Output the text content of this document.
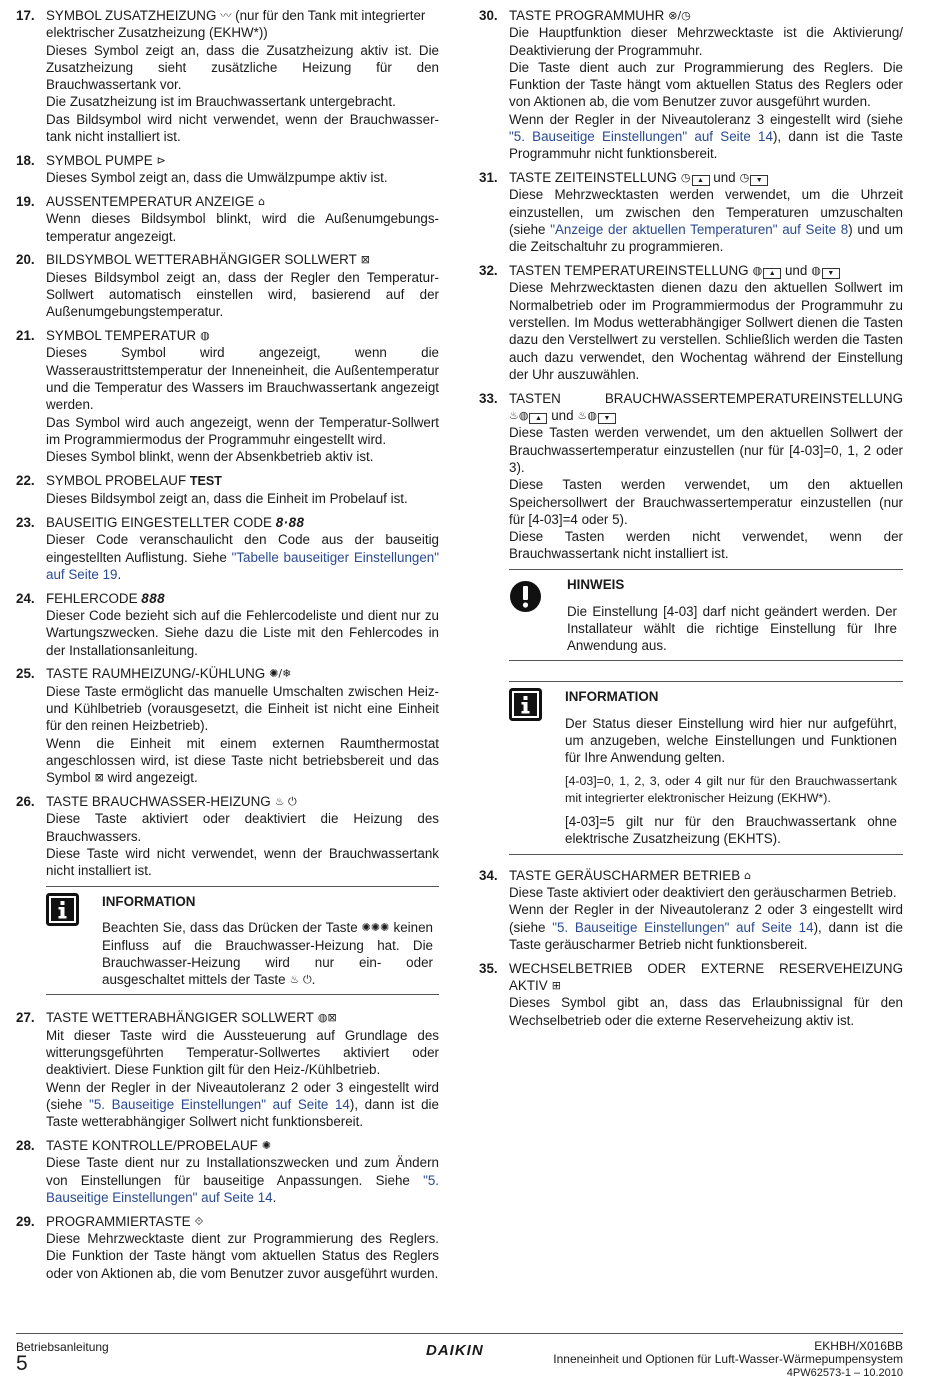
17. SYMBOL ZUSATZHEIZUNG 〰 (nur für den Tank mit integrierter elektrischer Zusatzheizung (EKHW*))
Dieses Symbol zeigt an, dass die Zusatzheizung aktiv ist. Die Zusatzheizung sieht zusätzliche Heizung für den Brauchwassertank vor.
Die Zusatzheizung ist im Brauchwassertank untergebracht.
Das Bildsymbol wird nicht verwendet, wenn der Brauchwasser-tank nicht installiert ist.
18. SYMBOL PUMPE ⊳
Dieses Symbol zeigt an, dass die Umwälzpumpe aktiv ist.
19. AUSSENTEMPERATUR ANZEIGE ⌂
Wenn dieses Bildsymbol blinkt, wird die Außenumgebungs-temperatur angezeigt.
20. BILDSYMBOL WETTERABHÄNGIGER SOLLWERT ⊠
Dieses Bildsymbol zeigt an, dass der Regler den Temperatur-Sollwert automatisch einstellen wird, basierend auf der Außenumgebungstemperatur.
21. SYMBOL TEMPERATUR ◍
Dieses Symbol wird angezeigt, wenn die Wasseraustrittstemperatur der Inneneinheit, die Außentemperatur und die Temperatur des Wassers im Brauchwassertank angezeigt werden.
Das Symbol wird auch angezeigt, wenn der Temperatur-Sollwert im Programmiermodus der Programmuhr eingestellt wird.
Dieses Symbol blinkt, wenn der Absenkbetrieb aktiv ist.
22. SYMBOL PROBELAUF TEST
Dieses Bildsymbol zeigt an, dass die Einheit im Probelauf ist.
23. BAUSEITIG EINGESTELLTER CODE 8·88
Dieser Code veranschaulicht den Code aus der bauseitig eingestellten Auflistung. Siehe "Tabelle bauseitiger Einstellungen" auf Seite 19.
24. FEHLERCODE 888
Dieser Code bezieht sich auf die Fehlercodeliste und dient nur zu Wartungszwecken. Siehe dazu die Liste mit den Fehlercodes in der Installationsanleitung.
25. TASTE RAUMHEIZUNG/-KÜHLUNG ✺/❄
Diese Taste ermöglicht das manuelle Umschalten zwischen Heiz- und Kühlbetrieb (vorausgesetzt, die Einheit ist nicht eine Einheit für den reinen Heizbetrieb).
Wenn die Einheit mit einem externen Raumthermostat angeschlossen wird, ist diese Taste nicht betriebsbereit und das Symbol ⊠ wird angezeigt.
26. TASTE BRAUCHWASSER-HEIZUNG ♨ ⏻
Diese Taste aktiviert oder deaktiviert die Heizung des Brauchwassers.
Diese Taste wird nicht verwendet, wenn der Brauchwassertank nicht installiert ist.
INFORMATION
Beachten Sie, dass das Drücken der Taste ✺✺✺ keinen Einfluss auf die Brauchwasser-Heizung hat. Die Brauchwasser-Heizung wird nur ein- oder ausgeschaltet mittels der Taste ♨ ⏻.
27. TASTE WETTERABHÄNGIGER SOLLWERT ◍⊠
Mit dieser Taste wird die Aussteuerung auf Grundlage des witterungsgeführten Temperatur-Sollwertes aktiviert oder deaktiviert. Diese Funktion gilt für den Heiz-/Kühlbetrieb.
Wenn der Regler in der Niveautoleranz 2 oder 3 eingestellt wird (siehe "5. Bauseitige Einstellungen" auf Seite 14), dann ist die Taste wetterabhängiger Sollwert nicht funktionsbereit.
28. TASTE KONTROLLE/PROBELAUF ✺
Diese Taste dient nur zu Installationszwecken und zum Ändern von Einstellungen für bauseitige Anpassungen. Siehe "5. Bauseitige Einstellungen" auf Seite 14.
29. PROGRAMMIERTASTE ⟐
Diese Mehrzwecktaste dient zur Programmierung des Reglers. Die Funktion der Taste hängt vom aktuellen Status des Reglers oder von Aktionen ab, die vom Benutzer zuvor ausgeführt wurden.
30. TASTE PROGRAMMUHR ⊗/◷
Die Hauptfunktion dieser Mehrzwecktaste ist die Aktivierung/ Deaktivierung der Programmuhr.
Die Taste dient auch zur Programmierung des Reglers. Die Funktion der Taste hängt vom aktuellen Status des Reglers oder von Aktionen ab, die vom Benutzer zuvor ausgeführt wurden.
Wenn der Regler in der Niveautoleranz 3 eingestellt wird (siehe "5. Bauseitige Einstellungen" auf Seite 14), dann ist die Taste Programmuhr nicht funktionsbereit.
31. TASTE ZEITEINSTELLUNG ◷ ▲ und ◷ ▼
Diese Mehrzwecktasten werden verwendet, um die Uhrzeit einzustellen, um zwischen den Temperaturen umzuschalten (siehe "Anzeige der aktuellen Temperaturen" auf Seite 8) und um die Zeitschaltuhr zu programmieren.
32. TASTEN TEMPERATUREINSTELLUNG ◍ ▲ und ◍ ▼
Diese Mehrzwecktasten dienen dazu den aktuellen Sollwert im Normalbetrieb oder im Programmiermodus der Programmuhr zu verstellen. Im Modus wetterabhängiger Sollwert dienen die Tasten dazu den Verstellwert zu verstellen. Schließlich werden die Tasten auch dazu verwendet, den Wochentag während der Einstellung der Uhr auszuwählen.
33. TASTEN BRAUCHWASSERTEMPERATUREINSTELLUNG
♨◍ ▲ und ♨◍ ▼
Diese Tasten werden verwendet, um den aktuellen Sollwert der Brauchwassertemperatur einzustellen (nur für [4-03]=0, 1, 2 oder 3).
Diese Tasten werden verwendet, um den aktuellen Speichersollwert der Brauchwassertemperatur einzustellen (nur für [4-03]=4 oder 5).
Diese Tasten werden nicht verwendet, wenn der Brauchwassertank nicht installiert ist.
HINWEIS
Die Einstellung [4-03] darf nicht geändert werden. Der Installateur wählt die richtige Einstellung für Ihre Anwendung aus.
INFORMATION
Der Status dieser Einstellung wird hier nur aufgeführt, um anzugeben, welche Einstellungen und Funktionen für Ihre Anwendung gelten.
[4-03]=0, 1, 2, 3, oder 4 gilt nur für den Brauchwassertank mit integrierter elektronischer Heizung (EKHW*).
[4-03]=5 gilt nur für den Brauchwassertank ohne elektrische Zusatzheizung (EKHTS).
34. TASTE GERÄUSCHARMER BETRIEB ⌂
Diese Taste aktiviert oder deaktiviert den geräuscharmen Betrieb.
Wenn der Regler in der Niveautoleranz 2 oder 3 eingestellt wird (siehe "5. Bauseitige Einstellungen" auf Seite 14), dann ist die Taste geräuscharmer Betrieb nicht funktionsbereit.
35. WECHSELBETRIEB ODER EXTERNE RESERVEHEIZUNG AKTIV ⊞
Dieses Symbol gibt an, dass das Erlaubnissignal für den Wechselbetrieb oder die externe Reserveheizung aktiv ist.
Betriebsanleitung
5
DAIKIN	EKHBH/X016BB
Inneneinheit und Optionen für Luft-Wasser-Wärmepumpensystem
4PW62573-1 – 10.2010
